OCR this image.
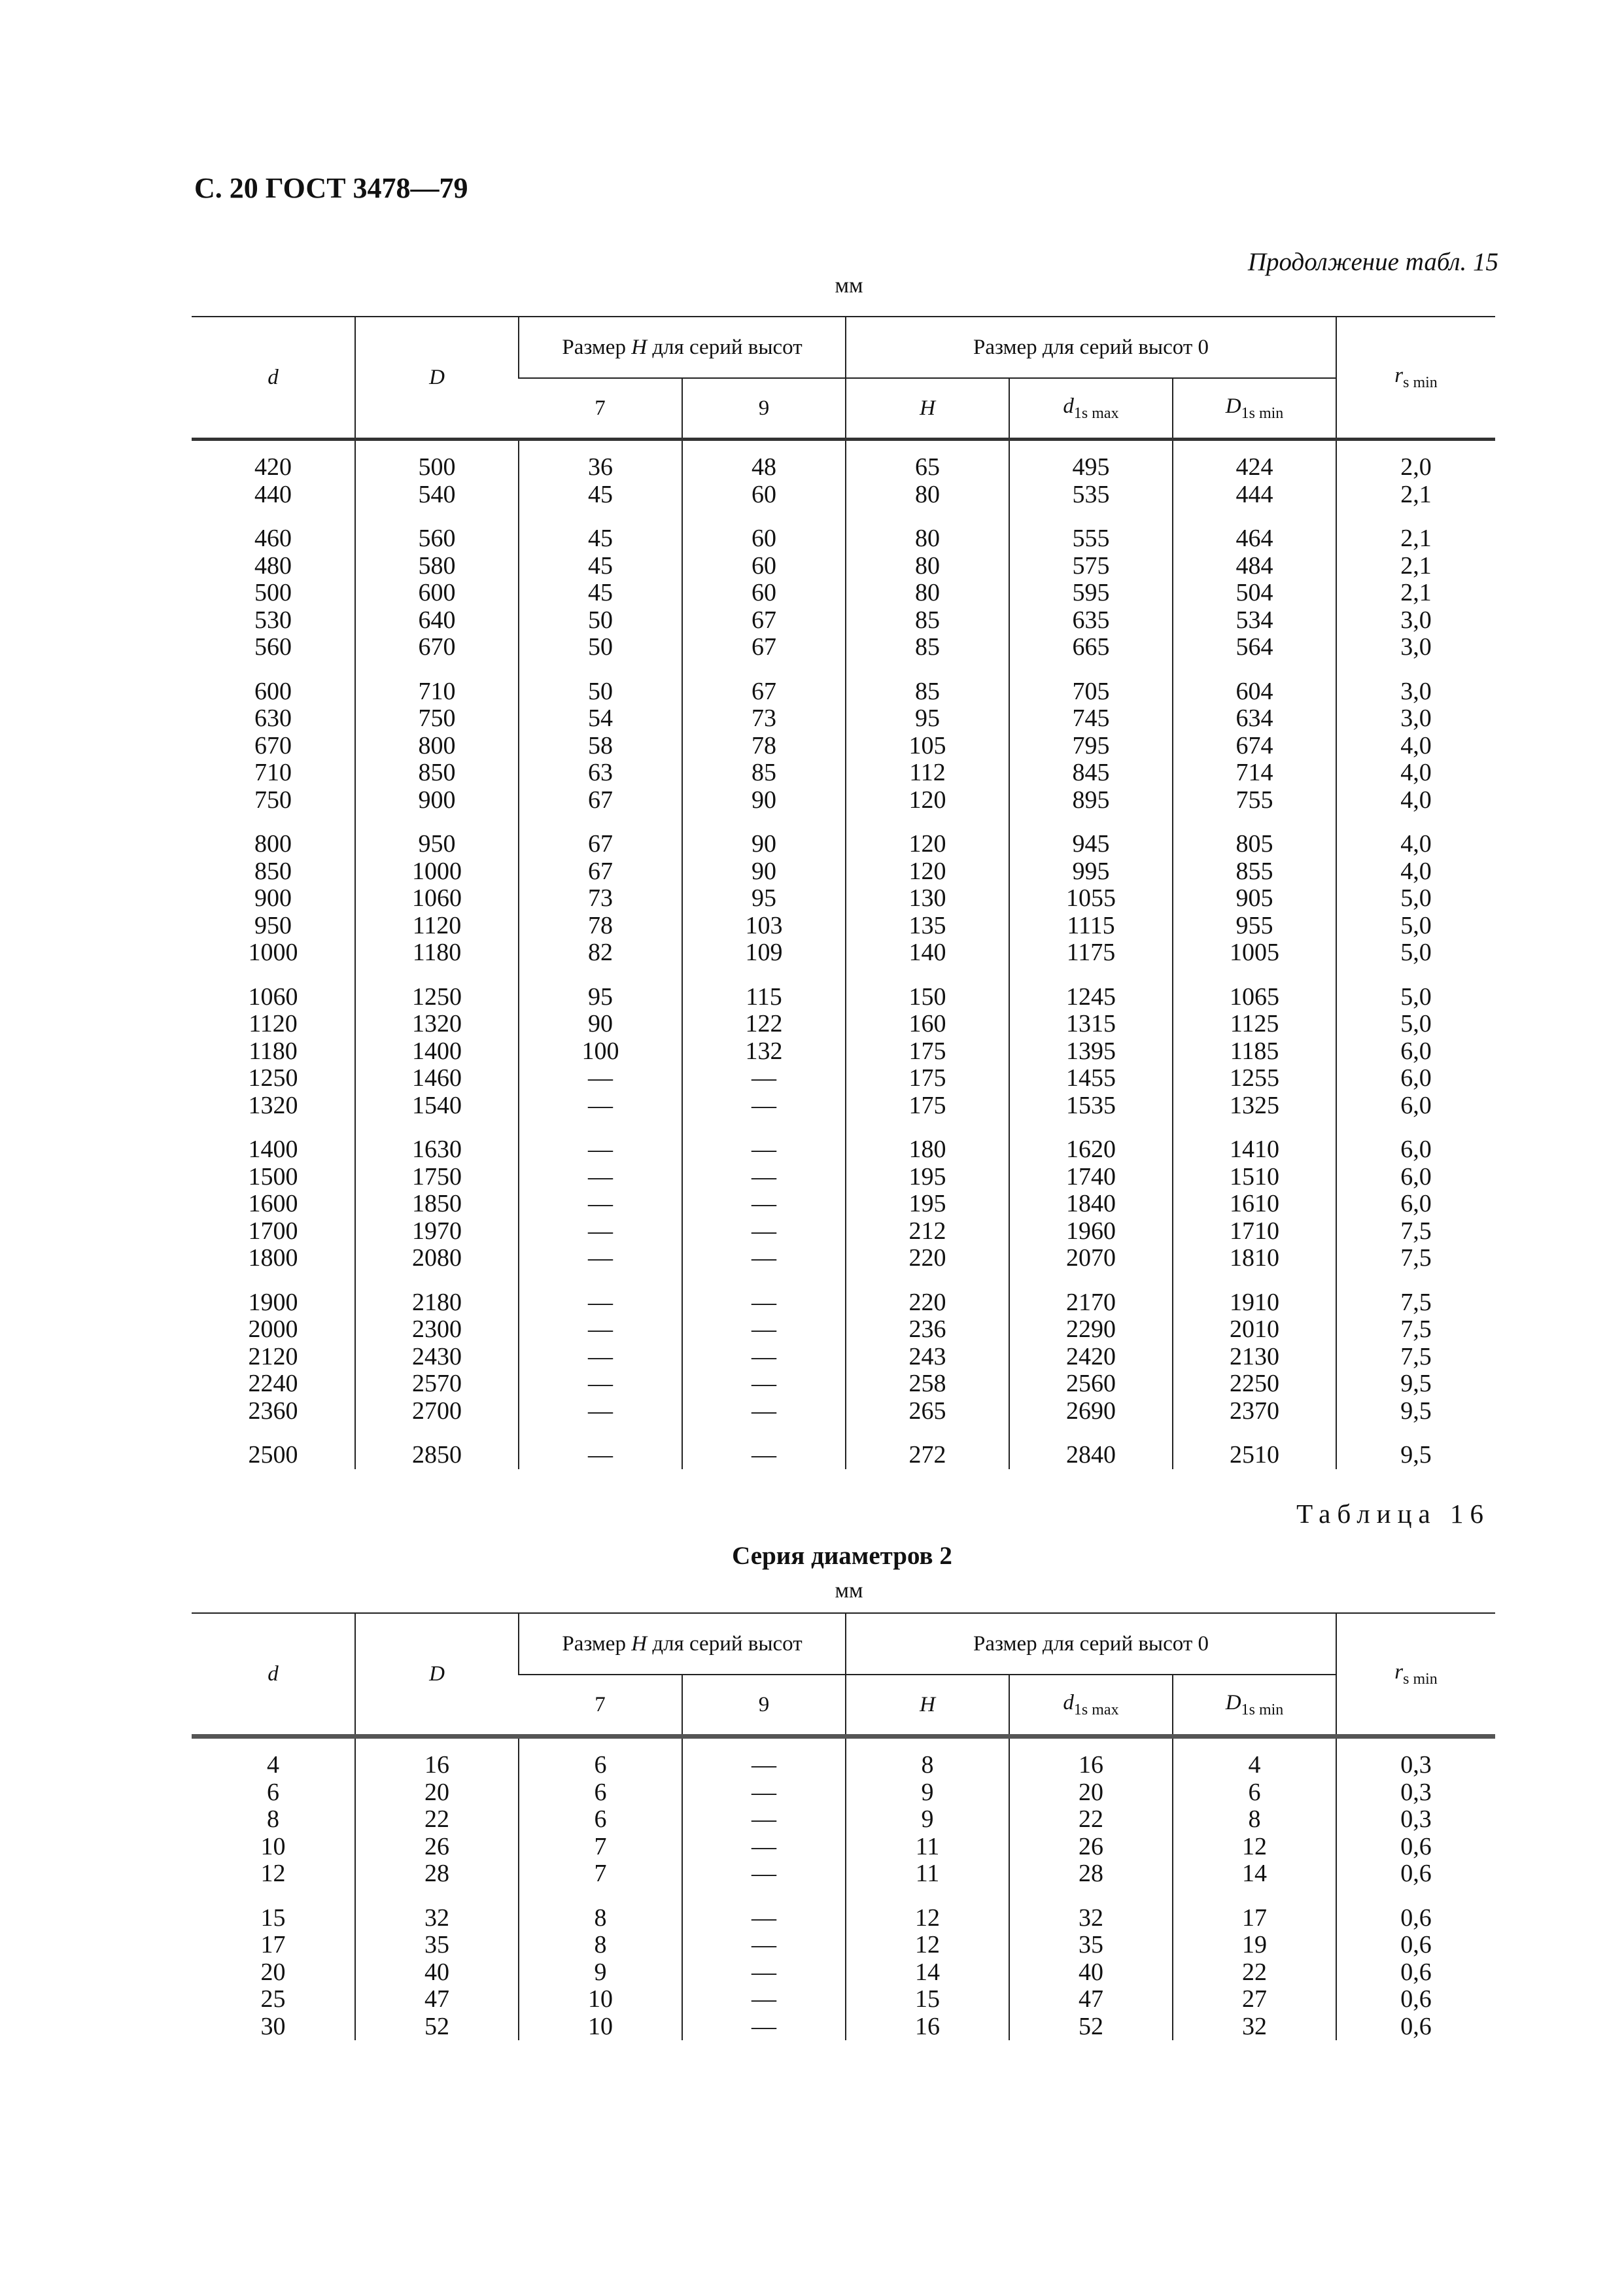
С. 20 ГОСТ 3478—79
Продолжение табл. 15
мм
d	D	Размер H для серий высот		Размер для серий высот 0			$r_{s min}$
		7	9	H	$d_{1s max}$	$D_{1s min}$
420	500	36	48	65	495	424	2,0
440	540	45	60	80	535	444	2,1
460	560	45	60	80	555	464	2,1
480	580	45	60	80	575	484	2,1
500	600	45	60	80	595	504	2,1
530	640	50	67	85	635	534	3,0
560	670	50	67	85	665	564	3,0
600	710	50	67	85	705	604	3,0
630	750	54	73	95	745	634	3,0
670	800	58	78	105	795	674	4,0
710	850	63	85	112	845	714	4,0
750	900	67	90	120	895	755	4,0
800	950	67	90	120	945	805	4,0
850	1000	67	90	120	995	855	4,0
900	1060	73	95	130	1055	905	5,0
950	1120	78	103	135	1115	955	5,0
1000	1180	82	109	140	1175	1005	5,0
1060	1250	95	115	150	1245	1065	5,0
1120	1320	90	122	160	1315	1125	5,0
1180	1400	100	132	175	1395	1185	6,0
1250	1460	—	—	175	1455	1255	6,0
1320	1540	—	—	175	1535	1325	6,0
1400	1630	—	—	180	1620	1410	6,0
1500	1750	—	—	195	1740	1510	6,0
1600	1850	—	—	195	1840	1610	6,0
1700	1970	—	—	212	1960	1710	7,5
1800	2080	—	—	220	2070	1810	7,5
1900	2180	—	—	220	2170	1910	7,5
2000	2300	—	—	236	2290	2010	7,5
2120	2430	—	—	243	2420	2130	7,5
2240	2570	—	—	258	2560	2250	9,5
2360	2700	—	—	265	2690	2370	9,5
2500	2850	—	—	272	2840	2510	9,5
Таблица 16
Серия диаметров 2
мм
d	D	Размер H для серий высот		Размер для серий высот 0			$r_{s min}$
		7	9	H	$d_{1s max}$	$D_{1s min}$
4	16	6	—	8	16	4	0,3
6	20	6	—	9	20	6	0,3
8	22	6	—	9	22	8	0,3
10	26	7	—	11	26	12	0,6
12	28	7	—	11	28	14	0,6
15	32	8	—	12	32	17	0,6
17	35	8	—	12	35	19	0,6
20	40	9	—	14	40	22	0,6
25	47	10	—	15	47	27	0,6
30	52	10	—	16	52	32	0,6
